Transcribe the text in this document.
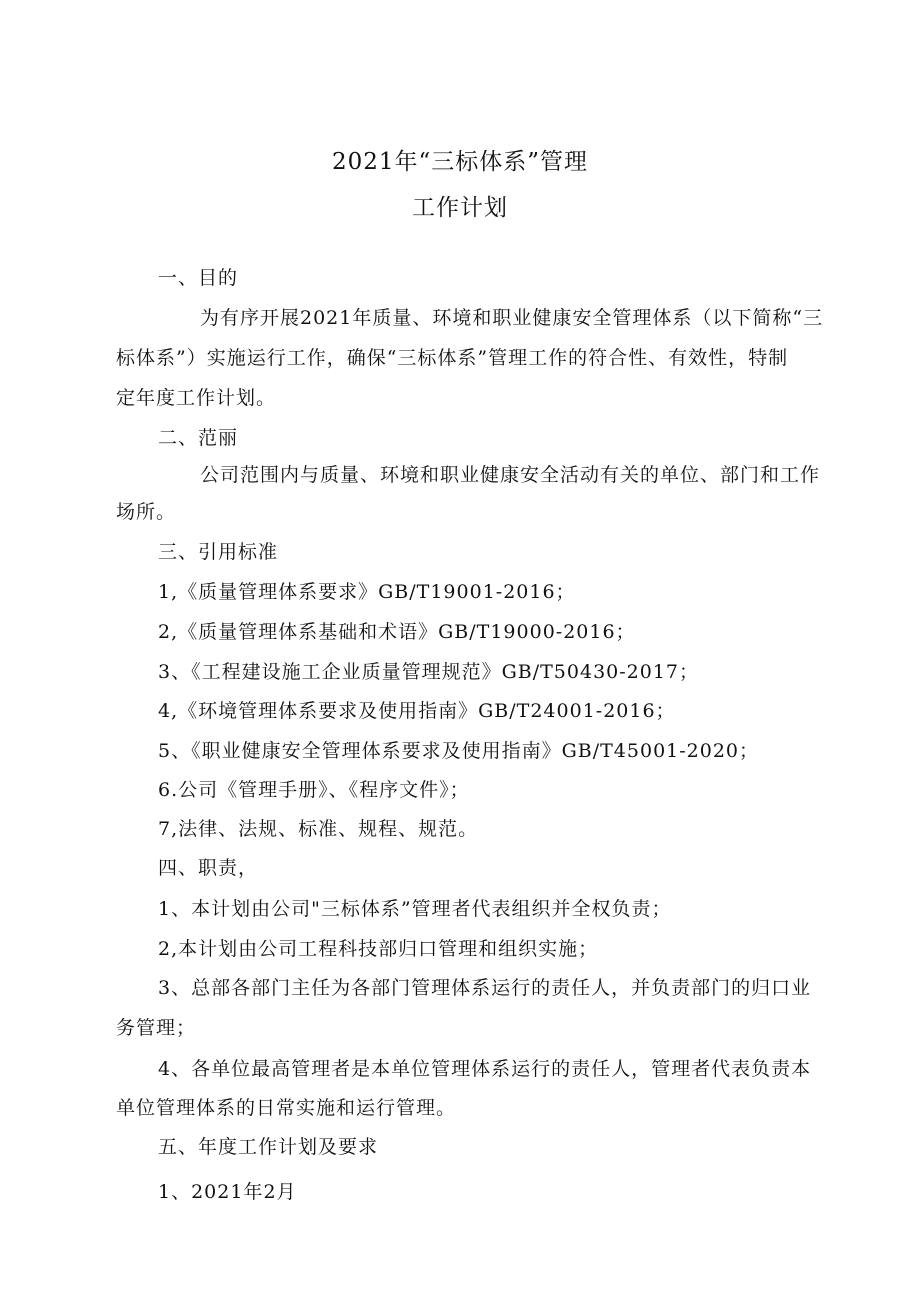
2021年“三标体系”管理
工作计划
一、目的
为有序开展2021年质量、环境和职业健康安全管理体系（以下简称“三
标体系”）实施运行工作，确保“三标体系”管理工作的符合性、有效性，特制
定年度工作计划。
二、范丽
公司范围内与质量、环境和职业健康安全活动有关的单位、部门和工作
场所。
三、引用标准
1,《质量管理体系要求》GB/T19001-2016；
2,《质量管理体系基础和术语》GB/T19000-2016；
3、《工程建设施工企业质量管理规范》GB/T50430-2017；
4,《环境管理体系要求及使用指南》GB/T24001-2016；
5、《职业健康安全管理体系要求及使用指南》GB/T45001-2020；
6.公司《管理手册》、《程序文件》；
7,法律、法规、标准、规程、规范。
四、职责，
1、本计划由公司"三标体系”管理者代表组织并全权负责；
2,本计划由公司工程科技部归口管理和组织实施；
3、总部各部门主任为各部门管理体系运行的责任人，并负责部门的归口业
务管理；
4、各单位最高管理者是本单位管理体系运行的责任人，管理者代表负责本
单位管理体系的日常实施和运行管理。
五、年度工作计划及要求
1、2021年2月
